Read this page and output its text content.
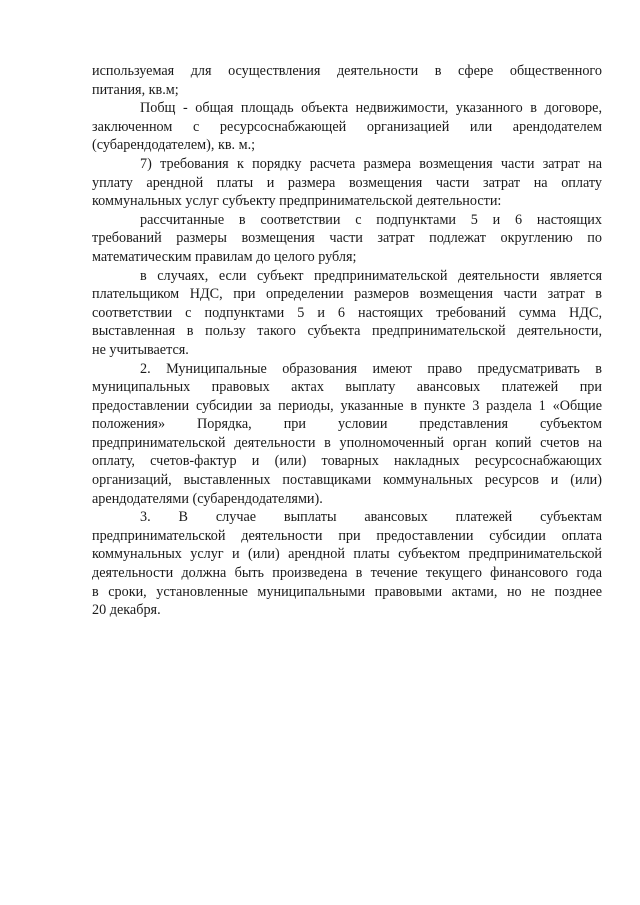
используемая для осуществления деятельности в сфере общественного
питания, кв.м;
Побщ - общая площадь объекта недвижимости, указанного в договоре,
заключенном с ресурсоснабжающей организацией или арендодателем
(субарендодателем), кв. м.;
7) требования к порядку расчета размера возмещения части затрат на
уплату арендной платы и размера возмещения части затрат на оплату
коммунальных услуг субъекту предпринимательской деятельности:
рассчитанные в соответствии с подпунктами 5 и 6 настоящих
требований размеры возмещения части затрат подлежат округлению по
математическим правилам до целого рубля;
в случаях, если субъект предпринимательской деятельности является
плательщиком НДС, при определении размеров возмещения части затрат в
соответствии с подпунктами 5 и 6 настоящих требований сумма НДС,
выставленная в пользу такого субъекта предпринимательской деятельности,
не учитывается.
2. Муниципальные образования имеют право предусматривать в
муниципальных правовых актах выплату авансовых платежей при
предоставлении субсидии за периоды, указанные в пункте 3 раздела 1 «Общие
положения» Порядка, при условии представления субъектом
предпринимательской деятельности в уполномоченный орган копий счетов на
оплату, счетов-фактур и (или) товарных накладных ресурсоснабжающих
организаций, выставленных поставщиками коммунальных ресурсов и (или)
арендодателями (субарендодателями).
3. В случае выплаты авансовых платежей субъектам
предпринимательской деятельности при предоставлении субсидии оплата
коммунальных услуг и (или) арендной платы субъектом предпринимательской
деятельности должна быть произведена в течение текущего финансового года
в сроки, установленные муниципальными правовыми актами, но не позднее
20 декабря.
